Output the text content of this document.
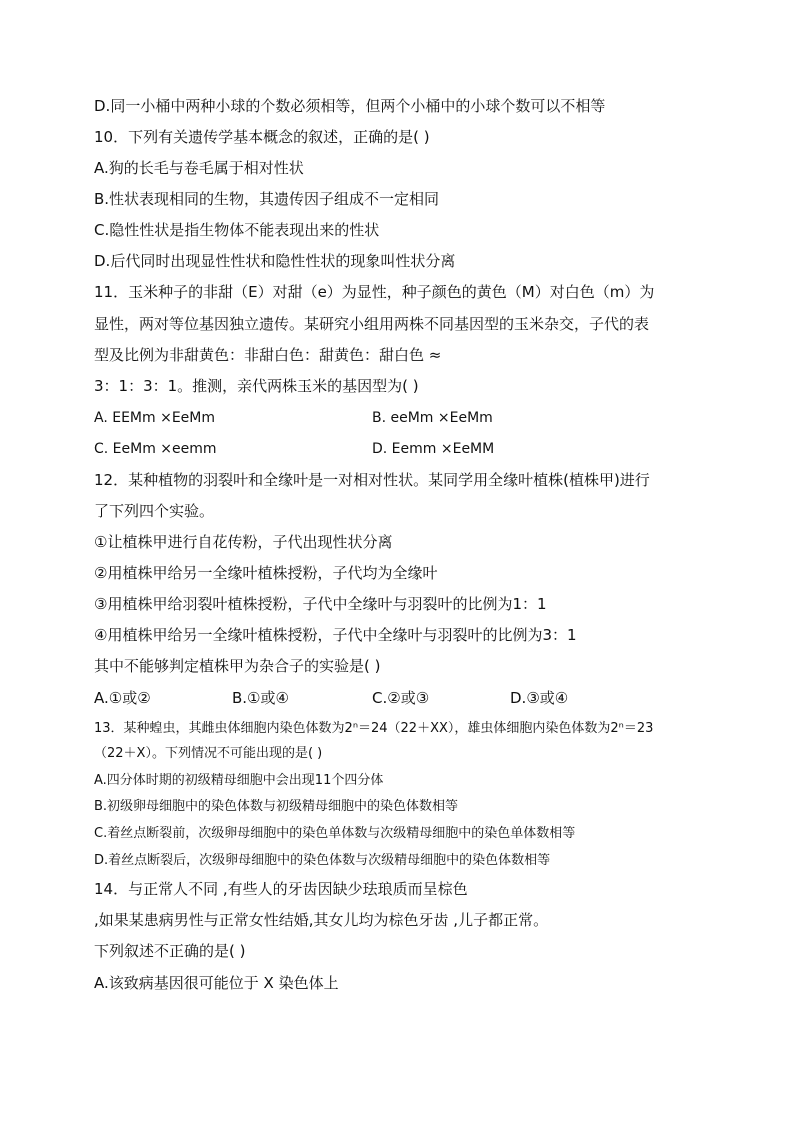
D.同一小桶中两种小球的个数必须相等，但两个小桶中的小球个数可以不相等
10．下列有关遗传学基本概念的叙述，正确的是( )
A.狗的长毛与卷毛属于相对性状
B.性状表现相同的生物，其遗传因子组成不一定相同
C.隐性性状是指生物体不能表现出来的性状
D.后代同时出现显性性状和隐性性状的现象叫性状分离
11．玉米种子的非甜（E）对甜（e）为显性，种子颜色的黄色（M）对白色（m）为
显性，两对等位基因独立遗传。某研究小组用两株不同基因型的玉米杂交，子代的表
型及比例为非甜黄色：非甜白色：甜黄色：甜白色 ≈
3：1：3：1。推测，亲代两株玉米的基因型为( )
A. EEMm ×EeMm	B. eeMm ×EeMm
C. EeMm ×eemm	D. Eemm ×EeMM
12．某种植物的羽裂叶和全缘叶是一对相对性状。某同学用全缘叶植株(植株甲)进行
了下列四个实验。
①让植株甲进行自花传粉，子代出现性状分离
②用植株甲给另一全缘叶植株授粉，子代均为全缘叶
③用植株甲给羽裂叶植株授粉，子代中全缘叶与羽裂叶的比例为1：1
④用植株甲给另一全缘叶植株授粉，子代中全缘叶与羽裂叶的比例为3：1
其中不能够判定植株甲为杂合子的实验是( )
A.①或②	B.①或④	C.②或③	D.③或④
13．某种蝗虫，其雌虫体细胞内染色体数为2ⁿ＝24（22＋XX），雄虫体细胞内染色体数为2ⁿ＝23
（22＋X）。下列情况不可能出现的是( )
A.四分体时期的初级精母细胞中会出现11个四分体
B.初级卵母细胞中的染色体数与初级精母细胞中的染色体数相等
C.着丝点断裂前，次级卵母细胞中的染色单体数与次级精母细胞中的染色单体数相等
D.着丝点断裂后，次级卵母细胞中的染色体数与次级精母细胞中的染色体数相等
14．与正常人不同 ,有些人的牙齿因缺少珐琅质而呈棕色
,如果某患病男性与正常女性结婚,其女儿均为棕色牙齿 ,儿子都正常。
下列叙述不正确的是( )
A.该致病基因很可能位于 X 染色体上
